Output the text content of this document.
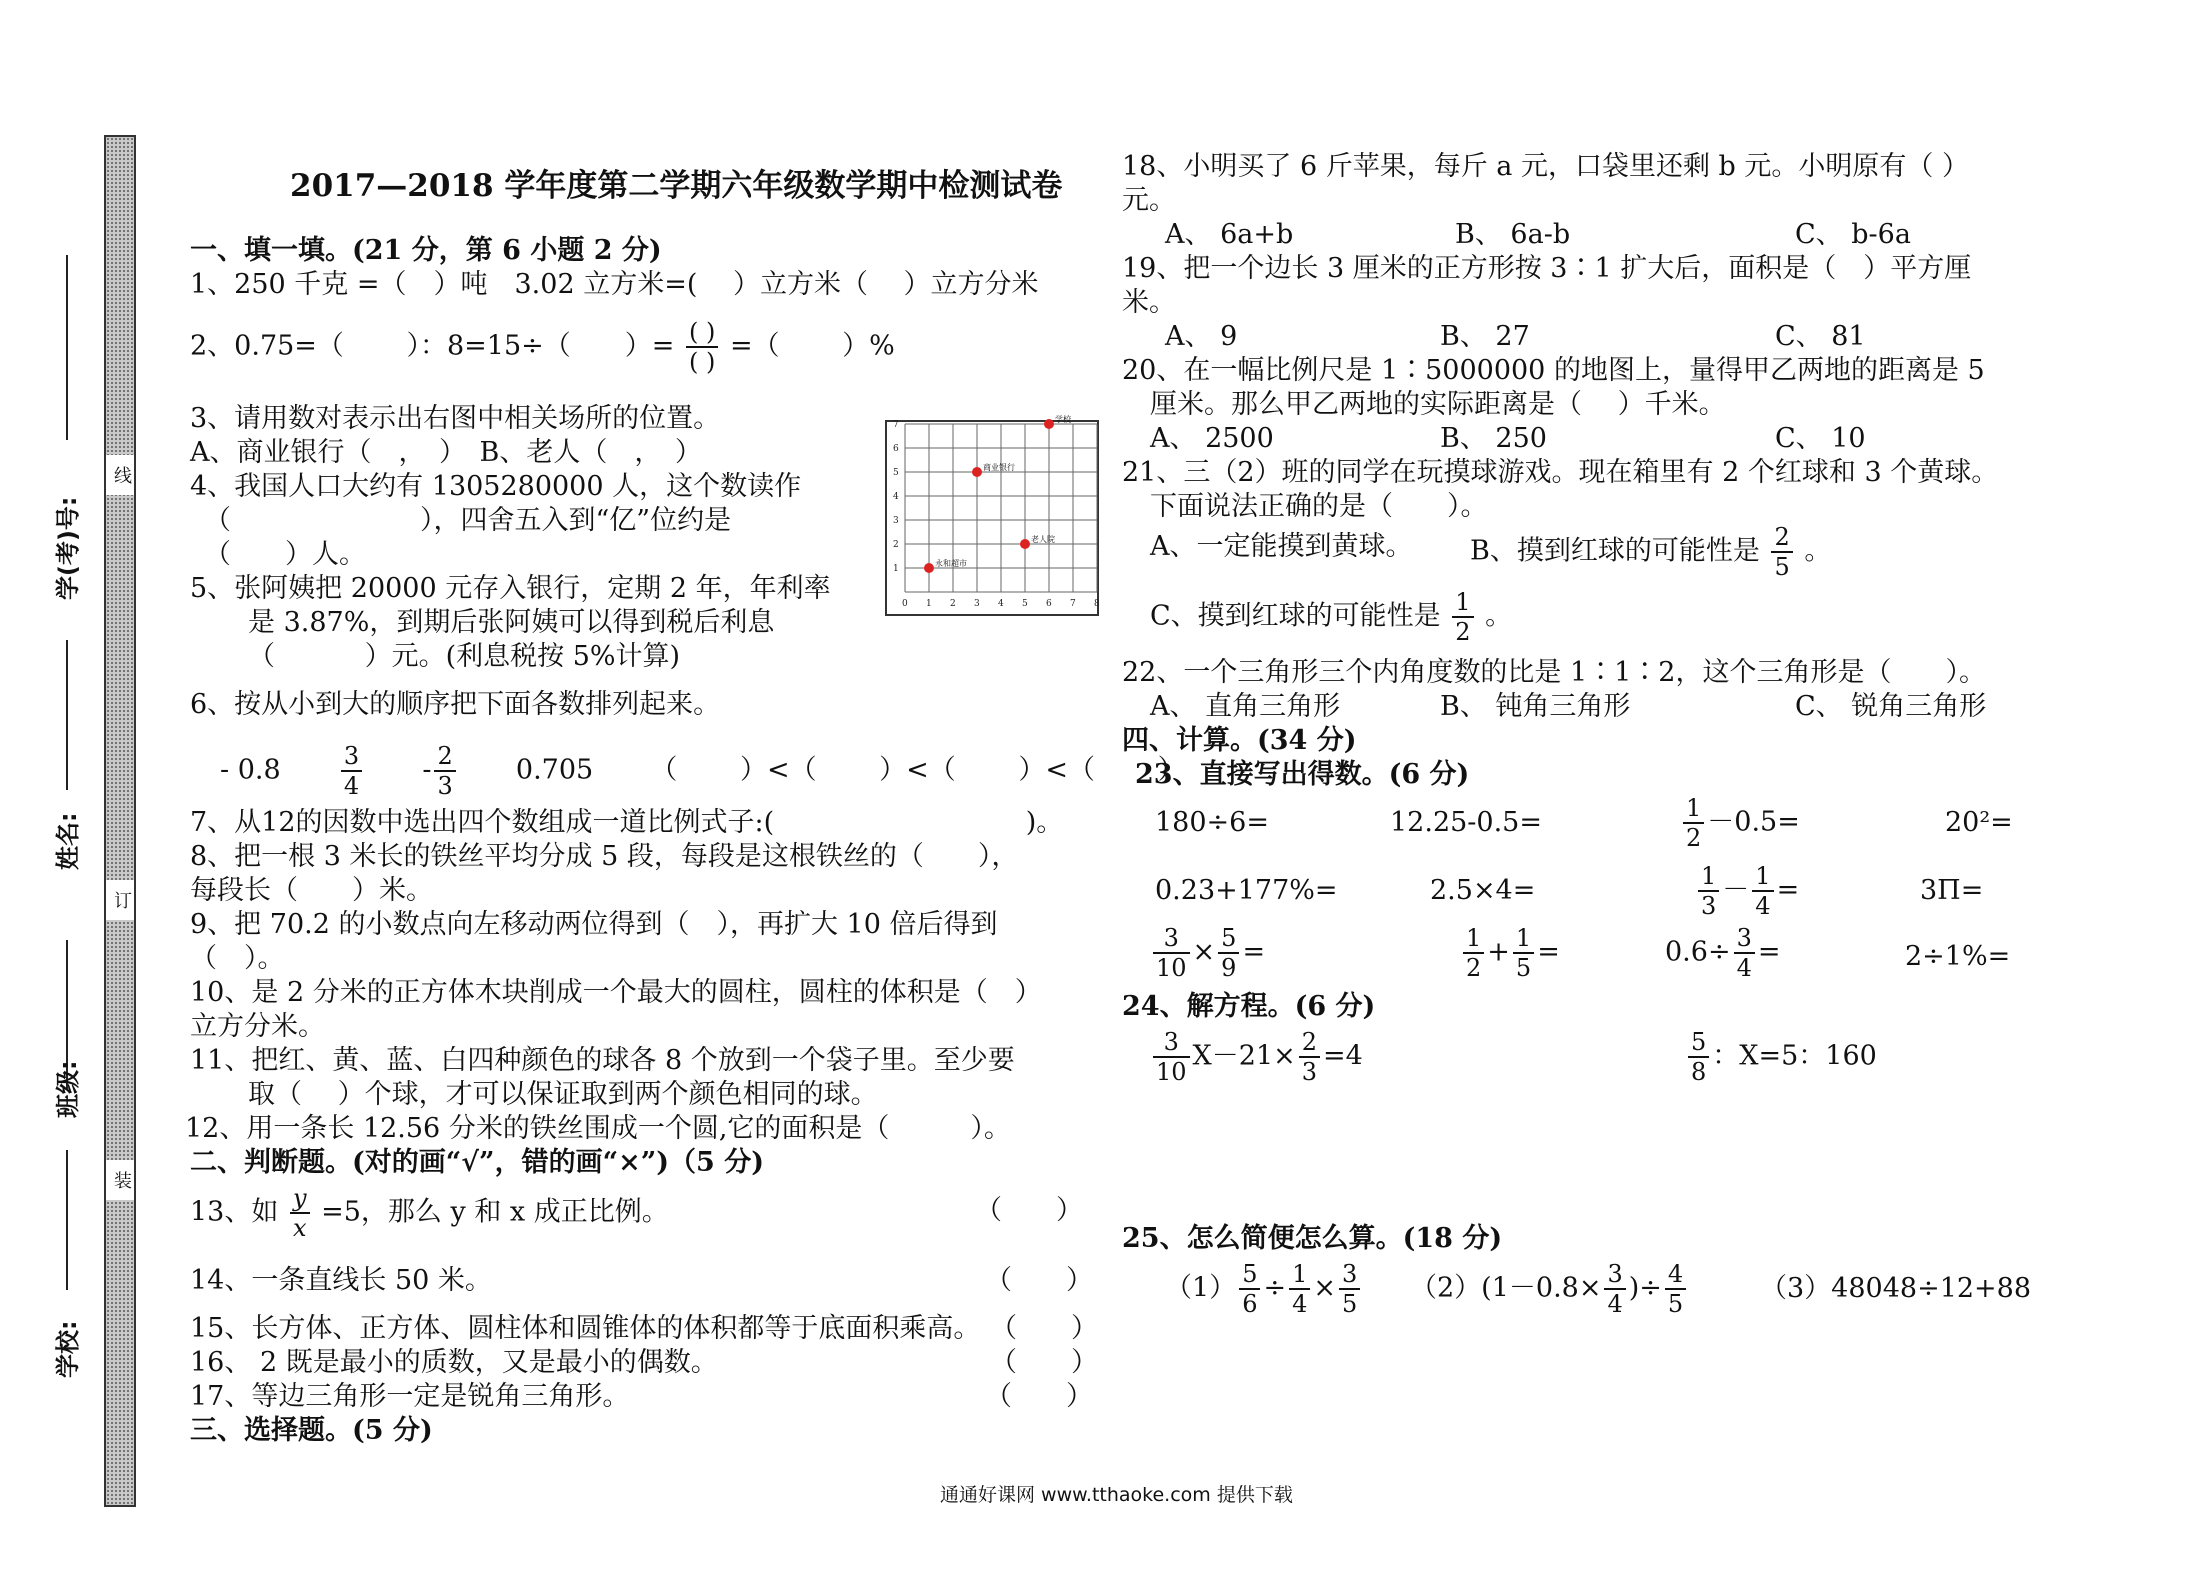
线
订
装
学(考)号:
姓名:
班级:
学校:
2017—2018 学年度第二学期六年级数学期中检测试卷
一、填一填。(21 分，第 6 小题 2 分)
1、250 千克 =（　）吨　3.02 立方米=(　 ）立方米（　 ）立方分米
2、0.75=（　　 ）：8=15÷（　　）= $\frac{( )}{( )}$ =（　　 ）%
3、请用数对表示出右图中相关场所的位置。
A、商业银行（　，　）　B、老人（　，　）
4、我国人口大约有 1305280000 人，这个数读作
（　　　　　　　），四舍五入到“亿”位约是
（　　）人。
5、张阿姨把 20000 元存入银行，定期 2 年，年利率
是 3.87%，到期后张阿姨可以得到税后利息
（　　　 ）元。(利息税按 5%计算)
0 1 2 3 4 5 6 7 8
1
2
3
4
5
6
7
学校
商业银行
老人院
永和超市
6、按从小到大的顺序把下面各数排列起来。
- 0.8	$\frac{3}{4} - \frac{2}{3} 0.705$ （　　 ）<（　　 ）<（　　 ）<（　　 ）
7、从12的因数中选出四个数组成一道比例式子:(　　　　　　　　　 )。
8、把一根 3 米长的铁丝平均分成 5 段，每段是这根铁丝的（　　），
每段长（　　）米。
9、把 70.2 的小数点向左移动两位得到（　），再扩大 10 倍后得到
（　）。
10、是 2 分米的正方体木块削成一个最大的圆柱，圆柱的体积是（　）
立方分米。
11、把红、黄、蓝、白四种颜色的球各 8 个放到一个袋子里。至少要
取（　 ）个球，才可以保证取到两个颜色相同的球。
12、用一条长 12.56 分米的铁丝围成一个圆,它的面积是（　　　）。
二、判断题。(对的画“√”，错的画“×”)（5 分)
13、如 $\frac{y}{x} =5$，那么 y 和 x 成正比例。	（　　）
14、一条直线长 50 米。	（　　）
15、长方体、正方体、圆柱体和圆锥体的体积都等于底面积乘高。 （　　）
16、 2 既是最小的质数，又是最小的偶数。	（　　）
17、等边三角形一定是锐角三角形。	（　　）
三、选择题。(5 分)
18、小明买了 6 斤苹果，每斤 a 元，口袋里还剩 b 元。小明原有（ ）
元。
A、 6a+b	B、 6a-b	C、 b-6a
19、把一个边长 3 厘米的正方形按 3∶1 扩大后，面积是（　）平方厘
米。
A、 9	B、 27	C、 81
20、在一幅比例尺是 1∶5000000 的地图上，量得甲乙两地的距离是 5
厘米。那么甲乙两地的实际距离是（　 ）千米。
A、 2500	B、 250	C、 10
21、三（2）班的同学在玩摸球游戏。现在箱里有 2 个红球和 3 个黄球。
下面说法正确的是（　　）。
A、一定能摸到黄球。 B、摸到红球的可能性是 $\frac{2}{5}$ 。
C、摸到红球的可能性是 $\frac{1}{2}$ 。
22、一个三角形三个内角度数的比是 1∶1∶2，这个三角形是（　　）。
A、 直角三角形	B、 钝角三角形	C、 锐角三角形
四、计算。(34 分)
23、直接写出得数。(6 分)
180÷6=	12.25-0.5=	$\frac{1}{2} -0.5=$	20²=
0.23+177%=	2.5×4=	$\frac{1}{3} - \frac{1}{4}$ =	3Π=
$\frac{3}{10} \times \frac{5}{9}$ =	$\frac{1}{2} + \frac{1}{5}$ =	$0.6\div \frac{3}{4}$ =	2÷1%=
24、解方程。(6 分)
$\frac{3}{10} X-21\times \frac{2}{3} =4$	$\frac{5}{8}$ ：X=5：160
25、怎么简便怎么算。(18 分)
$(1) \frac{5}{6} \div \frac{1}{4} \times \frac{3}{5} (2)(1-0.8\times \frac{3}{4}$ )÷ $\frac{4}{5}$	（3）48048÷12+88
通通好课网 www.tthaoke.com 提供下载
